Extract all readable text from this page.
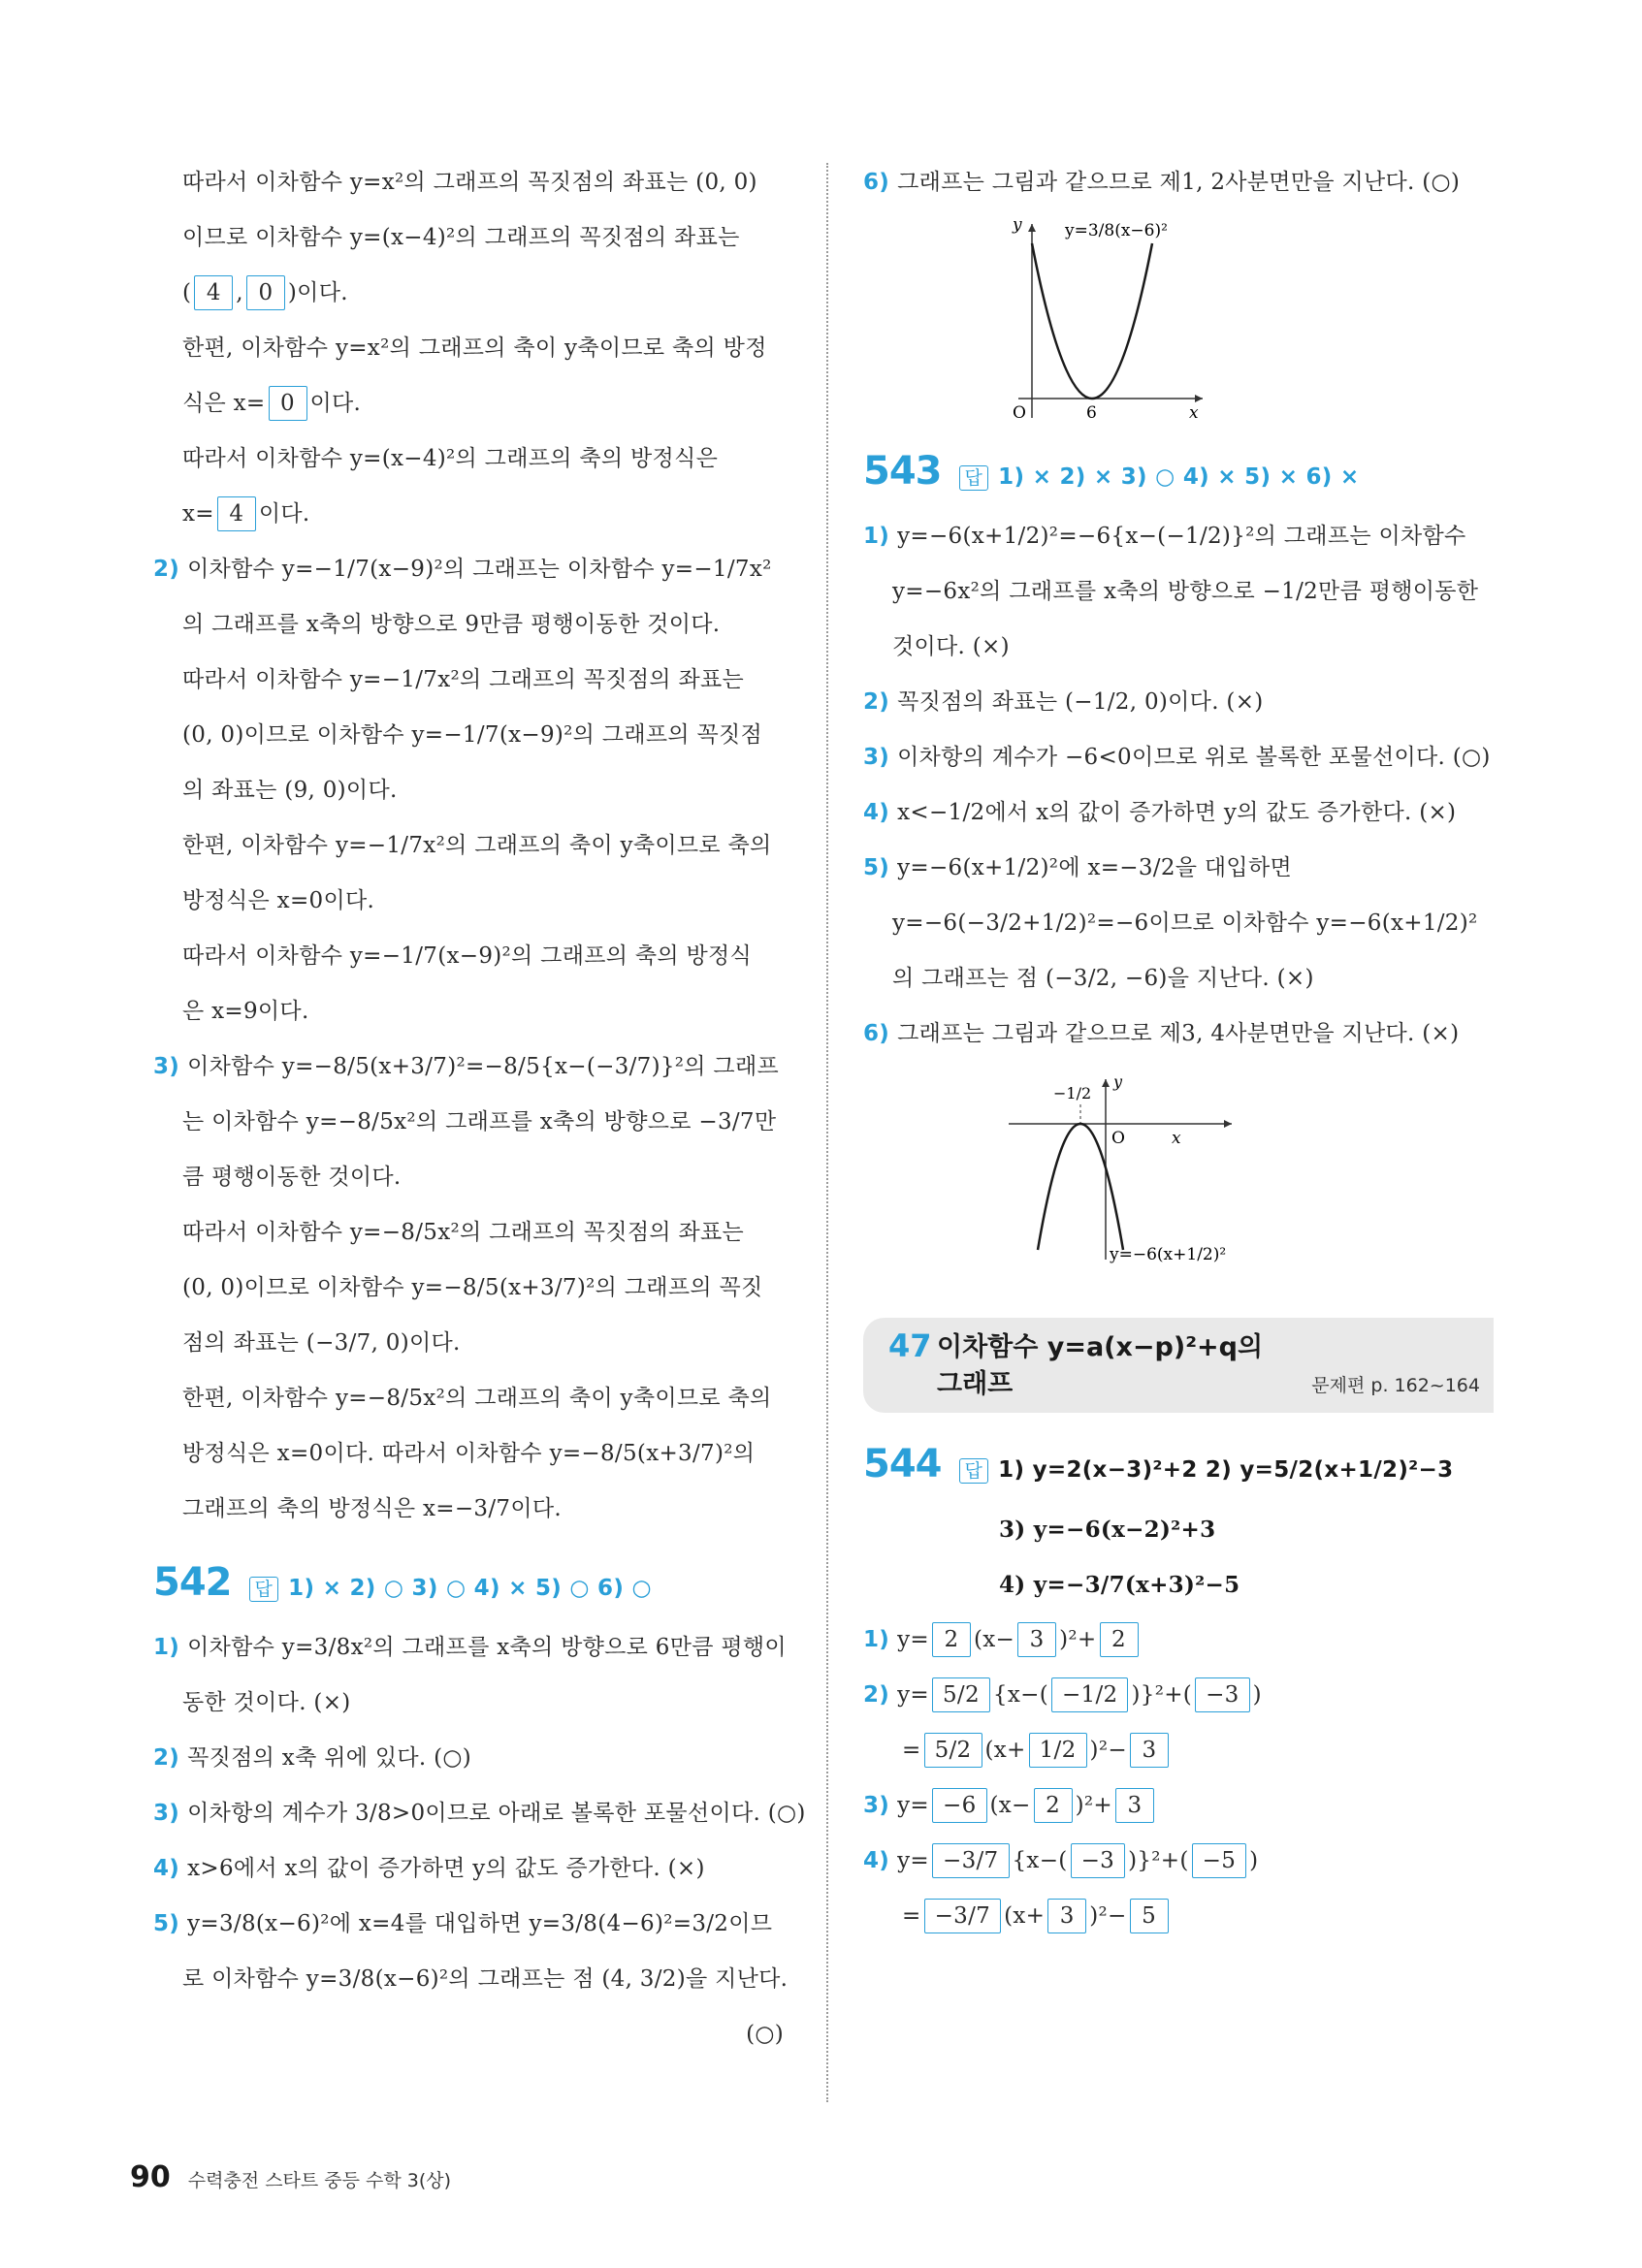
따라서 이차함수 y=x²의 그래프의 꼭짓점의 좌표는 (0, 0)
이므로 이차함수 y=(x−4)²의 그래프의 꼭짓점의 좌표는
( 4 , 0 )이다.
한편, 이차함수 y=x²의 그래프의 축이 y축이므로 축의 방정
식은 x= 0 이다.
따라서 이차함수 y=(x−4)²의 그래프의 축의 방정식은
x= 4 이다.
2) 이차함수 y=−1/7(x−9)²의 그래프는 이차함수 y=−1/7x²
의 그래프를 x축의 방향으로 9만큼 평행이동한 것이다.
따라서 이차함수 y=−1/7x²의 그래프의 꼭짓점의 좌표는
(0, 0)이므로 이차함수 y=−1/7(x−9)²의 그래프의 꼭짓점
의 좌표는 (9, 0)이다.
한편, 이차함수 y=−1/7x²의 그래프의 축이 y축이므로 축의
방정식은 x=0이다.
따라서 이차함수 y=−1/7(x−9)²의 그래프의 축의 방정식
은 x=9이다.
3) 이차함수 y=−8/5(x+3/7)²=−8/5{x−(−3/7)}²의 그래프
는 이차함수 y=−8/5x²의 그래프를 x축의 방향으로 −3/7만
큼 평행이동한 것이다.
따라서 이차함수 y=−8/5x²의 그래프의 꼭짓점의 좌표는
(0, 0)이므로 이차함수 y=−8/5(x+3/7)²의 그래프의 꼭짓
점의 좌표는 (−3/7, 0)이다.
한편, 이차함수 y=−8/5x²의 그래프의 축이 y축이므로 축의
방정식은 x=0이다. 따라서 이차함수 y=−8/5(x+3/7)²의
그래프의 축의 방정식은 x=−3/7이다.
542 답 1) × 2) ○ 3) ○ 4) × 5) ○ 6) ○
1) 이차함수 y=3/8x²의 그래프를 x축의 방향으로 6만큼 평행이
동한 것이다. (×)
2) 꼭짓점의 x축 위에 있다. (○)
3) 이차항의 계수가 3/8>0이므로 아래로 볼록한 포물선이다. (○)
4) x>6에서 x의 값이 증가하면 y의 값도 증가한다. (×)
5) y=3/8(x−6)²에 x=4를 대입하면 y=3/8(4−6)²=3/2이므
로 이차함수 y=3/8(x−6)²의 그래프는 점 (4, 3/2)을 지난다.
(○)
6) 그래프는 그림과 같으므로 제1, 2사분면만을 지난다. (○)
O	6	x
y	y=3/8(x−6)²
543 답 1) × 2) × 3) ○ 4) × 5) × 6) ×
1) y=−6(x+1/2)²=−6{x−(−1/2)}²의 그래프는 이차함수
y=−6x²의 그래프를 x축의 방향으로 −1/2만큼 평행이동한
것이다. (×)
2) 꼭짓점의 좌표는 (−1/2, 0)이다. (×)
3) 이차항의 계수가 −6<0이므로 위로 볼록한 포물선이다. (○)
4) x<−1/2에서 x의 값이 증가하면 y의 값도 증가한다. (×)
5) y=−6(x+1/2)²에 x=−3/2을 대입하면
y=−6(−3/2+1/2)²=−6이므로 이차함수 y=−6(x+1/2)²
의 그래프는 점 (−3/2, −6)을 지난다. (×)
6) 그래프는 그림과 같으므로 제3, 4사분면만을 지난다. (×)
−1/2
y
O	x
y=−6(x+1/2)²
47 이차함수 y=a(x−p)²+q의
그래프	문제편 p. 162~164
544 답 1) y=2(x−3)²+2 2) y=5/2(x+1/2)²−3
3) y=−6(x−2)²+3
4) y=−3/7(x+3)²−5
1) y= 2 (x− 3 )²+ 2
2) y= 5/2 {x−( −1/2 )}²+( −3 )
= 5/2 (x+ 1/2 )²− 3
3) y= −6 (x− 2 )²+ 3
4) y= −3/7 {x−( −3 )}²+( −5 )
= −3/7 (x+ 3 )²− 5
90 수력충전 스타트 중등 수학 3(상)
